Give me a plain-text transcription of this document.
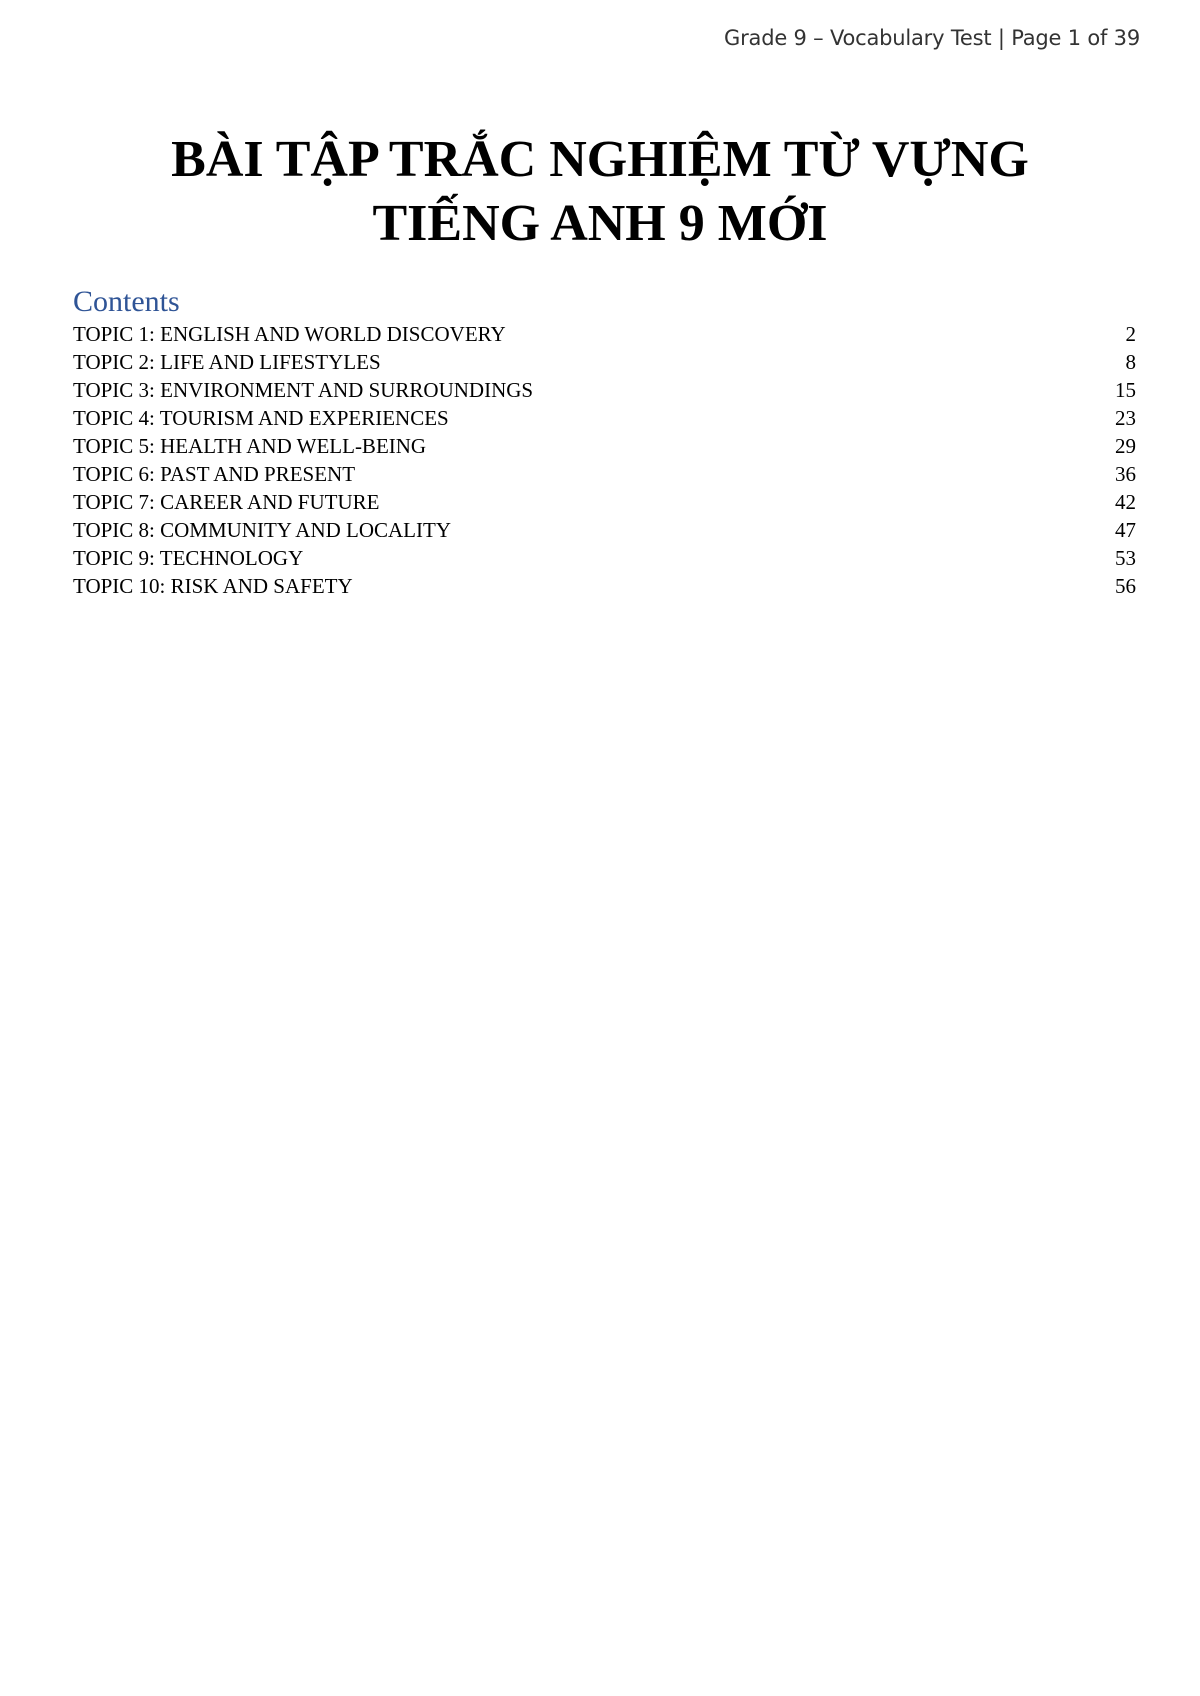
Grade 9 – Vocabulary Test | Page 1 of 39
BÀI TẬP TRẮC NGHIỆM TỪ VỰNG
TIẾNG ANH 9 MỚI
Contents
TOPIC 1: ENGLISH AND WORLD DISCOVERY	2
TOPIC 2: LIFE AND LIFESTYLES	8
TOPIC 3: ENVIRONMENT AND SURROUNDINGS	15
TOPIC 4: TOURISM AND EXPERIENCES	23
TOPIC 5: HEALTH AND WELL-BEING	29
TOPIC 6: PAST AND PRESENT	36
TOPIC 7: CAREER AND FUTURE	42
TOPIC 8: COMMUNITY AND LOCALITY	47
TOPIC 9: TECHNOLOGY	53
TOPIC 10: RISK AND SAFETY	56
